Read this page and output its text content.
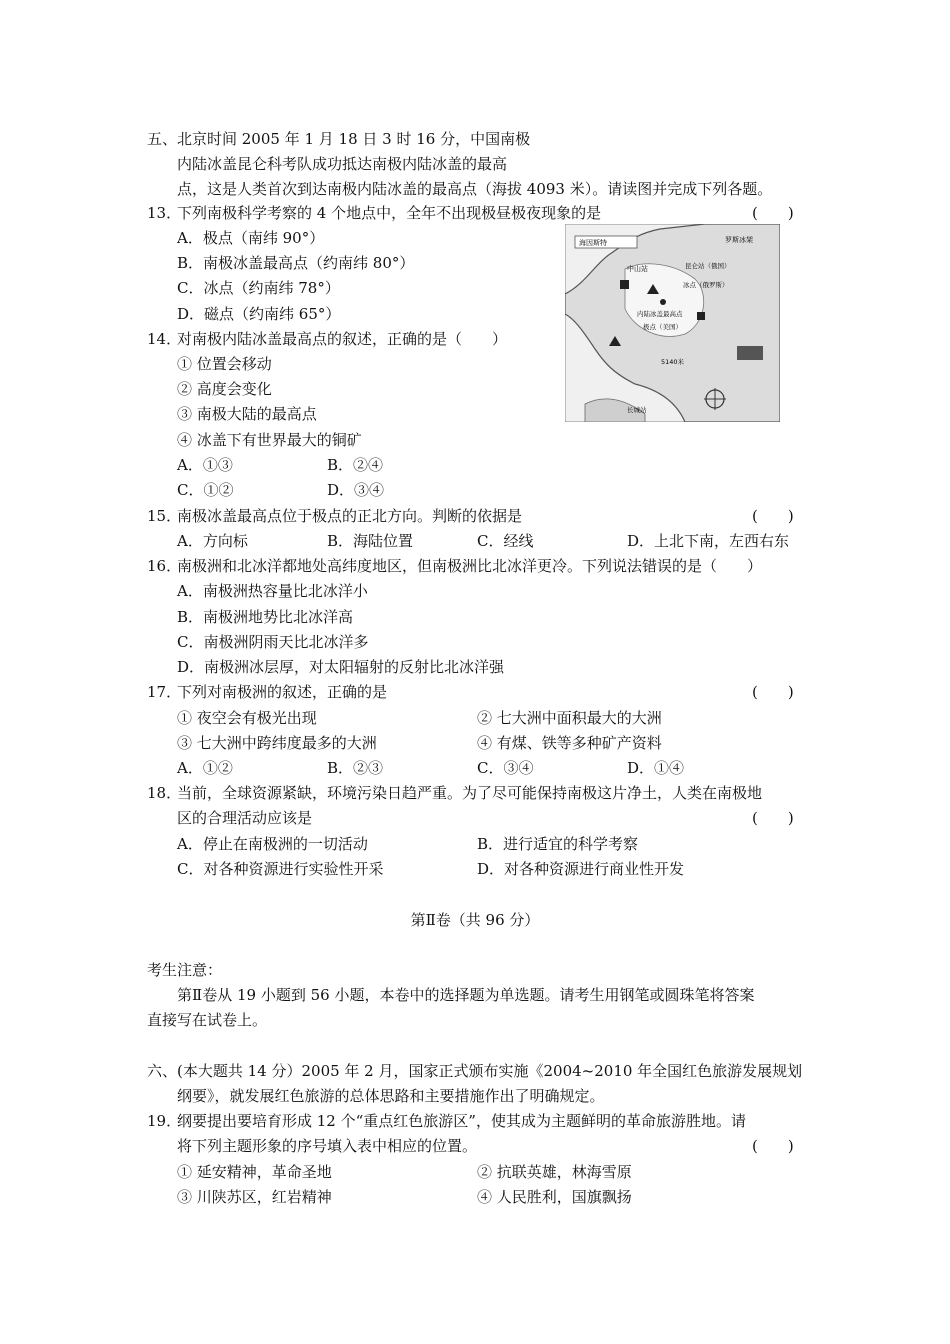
五、北京时间 2005 年 1 月 18 日 3 时 16 分，中国南极
内陆冰盖昆仑科考队成功抵达南极内陆冰盖的最高
点，这是人类首次到达南极内陆冰盖的最高点（海拔 4093 米）。请读图并完成下列各题。
13．
下列南极科学考察的 4 个地点中，全年不出现极昼极夜现象的是	(　　)
A．极点（南纬 90°）
B．南极冰盖最高点（约南纬 80°）
C．冰点（约南纬 78°）
D．磁点（约南纬 65°）
海因斯特
中山站	昆仑站（俄国）
冰点（俄罗斯）
内陆冰盖最高点
极点（美国）
5140米
长城站
罗斯冰架
14．
对南极内陆冰盖最高点的叙述，正确的是（　　）
① 位置会移动
② 高度会变化
③ 南极大陆的最高点
④ 冰盖下有世界最大的铜矿
A．①③	B．②④
C．①②	D．③④
15．
南极冰盖最高点位于极点的正北方向。判断的依据是	(　　)
A．方向标	B．海陆位置	C．经线	D．上北下南，左西右东
16．
南极洲和北冰洋都地处高纬度地区，但南极洲比北冰洋更冷。下列说法错误的是（　　）
A．南极洲热容量比北冰洋小
B．南极洲地势比北冰洋高
C．南极洲阴雨天比北冰洋多
D．南极洲冰层厚，对太阳辐射的反射比北冰洋强
17．
下列对南极洲的叙述，正确的是	(　　)
① 夜空会有极光出现	② 七大洲中面积最大的大洲
③ 七大洲中跨纬度最多的大洲	④ 有煤、铁等多种矿产资料
A．①②	B．②③	C．③④	D．①④
18．
当前，全球资源紧缺，环境污染日趋严重。为了尽可能保持南极这片净土，人类在南极地
区的合理活动应该是	(　　)
A．停止在南极洲的一切活动	B．进行适宜的科学考察
C．对各种资源进行实验性开采	D．对各种资源进行商业性开发
第Ⅱ卷（共 96 分）
考生注意：
第Ⅱ卷从 19 小题到 56 小题，本卷中的选择题为单选题。请考生用钢笔或圆珠笔将答案
直接写在试卷上。
六、(本大题共 14 分）2005 年 2 月，国家正式颁布实施《2004~2010 年全国红色旅游发展规划
纲要》，就发展红色旅游的总体思路和主要措施作出了明确规定。
19．
纲要提出要培育形成 12 个“重点红色旅游区”，使其成为主题鲜明的革命旅游胜地。请
将下列主题形象的序号填入表中相应的位置。	(　　)
① 延安精神，革命圣地	② 抗联英雄，林海雪原
③ 川陕苏区，红岩精神	④ 人民胜利，国旗飘扬
